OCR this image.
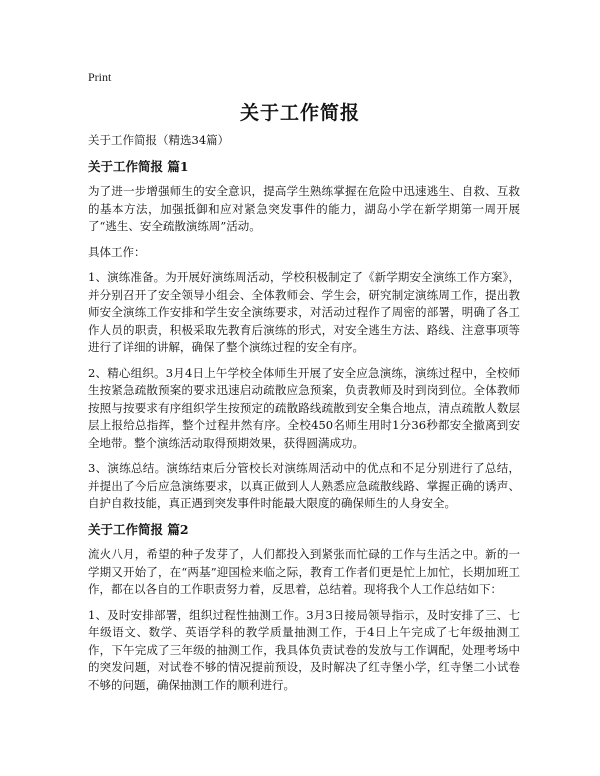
Print
关于工作简报

关于工作简报（精选34篇）

关于工作简报 篇1

为了进一步增强师生的安全意识，提高学生熟练掌握在危险中迅速逃生、自救、互救的基本方法，加强抵御和应对紧急突发事件的能力，湖岛小学在新学期第一周开展了“逃生、安全疏散演练周”活动。

具体工作：

1、演练准备。为开展好演练周活动，学校积极制定了《新学期安全演练工作方案》，并分别召开了安全领导小组会、全体教师会、学生会，研究制定演练周工作，提出教师安全演练工作安排和学生安全演练要求，对活动过程作了周密的部署，明确了各工作人员的职责，积极采取先教育后演练的形式，对安全逃生方法、路线、注意事项等进行了详细的讲解，确保了整个演练过程的安全有序。

2、精心组织。3月4日上午学校全体师生开展了安全应急演练，演练过程中，全校师生按紧急疏散预案的要求迅速启动疏散应急预案，负责教师及时到岗到位。全体教师按照与按要求有序组织学生按预定的疏散路线疏散到安全集合地点，清点疏散人数层层上报给总指挥，整个过程井然有序。全校450名师生用时1分36秒都安全撤离到安全地带。整个演练活动取得预期效果，获得圆满成功。

3、演练总结。演练结束后分管校长对演练周活动中的优点和不足分别进行了总结，并提出了今后应急演练要求，以真正做到人人熟悉应急疏散线路、掌握正确的诱声、自护自救技能，真正遇到突发事件时能最大限度的确保师生的人身安全。

关于工作简报 篇2

流火八月，希望的种子发芽了，人们都投入到紧张而忙碌的工作与生活之中。新的一学期又开始了，在“两基”迎国检来临之际，教育工作者们更是忙上加忙，长期加班工作，都在以各自的工作职责努力着，反思着，总结着。现将我个人工作总结如下：

1、及时安排部署，组织过程性抽测工作。3月3日接局领导指示，及时安排了三、七年级语文、数学、英语学科的教学质量抽测工作，于4日上午完成了七年级抽测工作，下午完成了三年级的抽测工作，我具体负责试卷的发放与工作调配，处理考场中的突发问题，对试卷不够的情况提前预设，及时解决了红寺堡小学，红寺堡二小试卷不够的问题，确保抽测工作的顺利进行。
